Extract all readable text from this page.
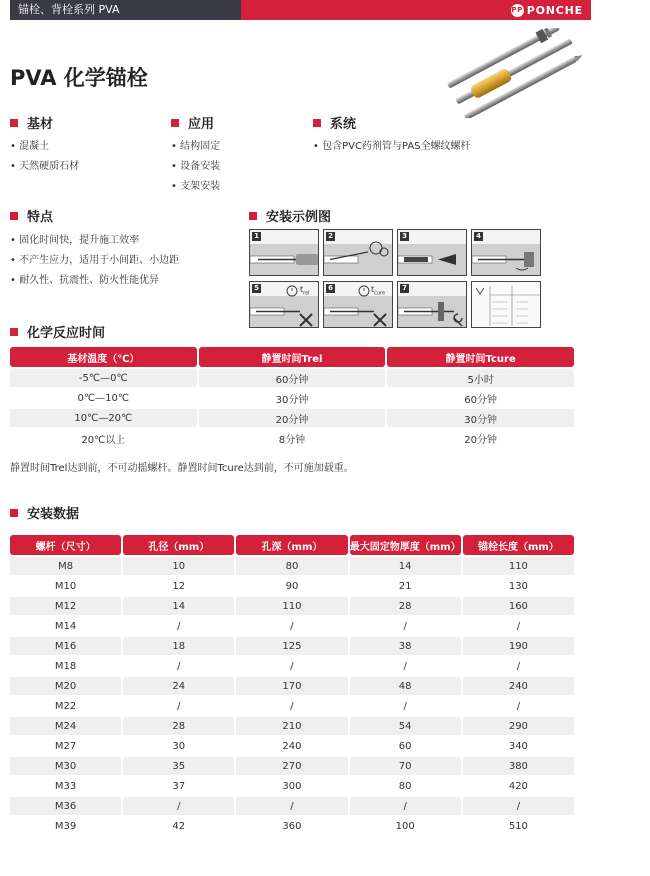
锚栓、背栓系列 PVA	PP PONCHE
PVA 化学锚栓
基材
• 混凝土
• 天然硬质石材
应用
• 结构固定
• 设备安装
• 支架安装
系统
• 包含PVC药剂管与PAS全螺纹螺杆
特点
• 固化时间快，提升施工效率
• 不产生应力，适用于小间距、小边距
• 耐久性、抗震性、防火性能优异
安装示例图
1	2	3	4
$t_{rel}$
5	$t_{cure}$
6	7
化学反应时间
基材温度（℃）	静置时间Trel	静置时间Tcure
-5℃—0℃	60分钟	5小时
0℃—10℃	30分钟	60分钟
10℃—20℃	20分钟	30分钟
20℃以上	8分钟	20分钟
静置时间Trel达到前，不可动摇螺杆。静置时间Tcure达到前，不可施加载重。
安装数据
螺杆（尺寸）	孔径（mm）	孔深（mm）	最大固定物厚度（mm）	锚栓长度（mm）
M8	10	80	14	110
M10	12	90	21	130
M12	14	110	28	160
M14	/	/	/	/
M16	18	125	38	190
M18	/	/	/	/
M20	24	170	48	240
M22	/	/	/	/
M24	28	210	54	290
M27	30	240	60	340
M30	35	270	70	380
M33	37	300	80	420
M36	/	/	/	/
M39	42	360	100	510
